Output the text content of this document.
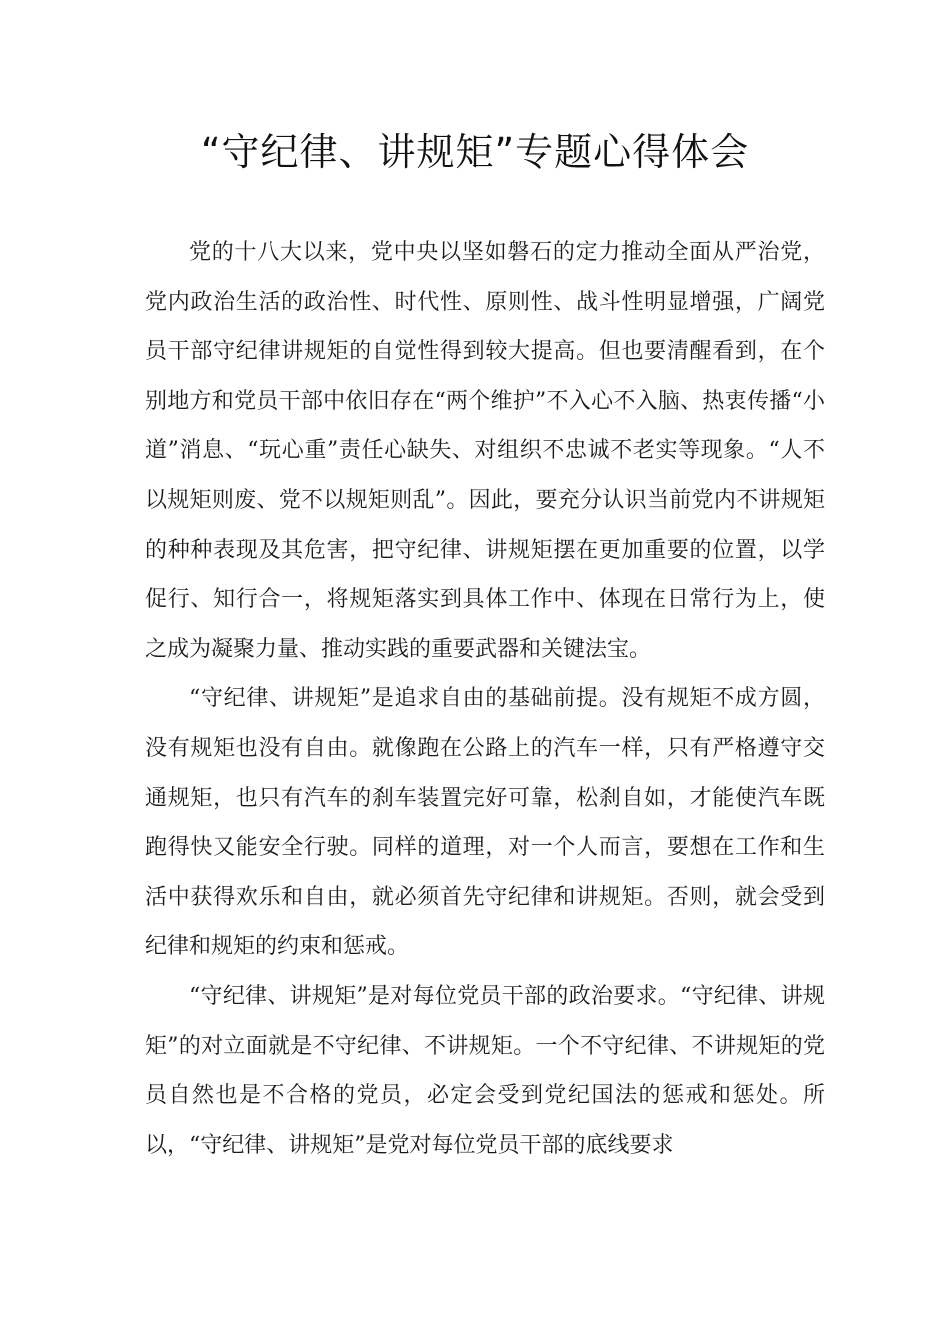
“守纪律、讲规矩”专题心得体会

党的十八大以来，党中央以坚如磐石的定力推动全面从严治党，党内政治生活的政治性、时代性、原则性、战斗性明显增强，广阔党员干部守纪律讲规矩的自觉性得到较大提高。但也要清醒看到，在个别地方和党员干部中依旧存在“两个维护”不入心不入脑、热衷传播“小道”消息、“玩心重”责任心缺失、对组织不忠诚不老实等现象。“人不以规矩则废、党不以规矩则乱”。因此，要充分认识当前党内不讲规矩的种种表现及其危害，把守纪律、讲规矩摆在更加重要的位置，以学促行、知行合一，将规矩落实到具体工作中、体现在日常行为上，使之成为凝聚力量、推动实践的重要武器和关键法宝。

“守纪律、讲规矩”是追求自由的基础前提。没有规矩不成方圆，没有规矩也没有自由。就像跑在公路上的汽车一样，只有严格遵守交通规矩，也只有汽车的刹车装置完好可靠，松刹自如，才能使汽车既跑得快又能安全行驶。同样的道理，对一个人而言，要想在工作和生活中获得欢乐和自由，就必须首先守纪律和讲规矩。否则，就会受到纪律和规矩的约束和惩戒。

“守纪律、讲规矩”是对每位党员干部的政治要求。“守纪律、讲规矩”的对立面就是不守纪律、不讲规矩。一个不守纪律、不讲规矩的党员自然也是不合格的党员，必定会受到党纪国法的惩戒和惩处。所以，“守纪律、讲规矩”是党对每位党员干部的底线要求
